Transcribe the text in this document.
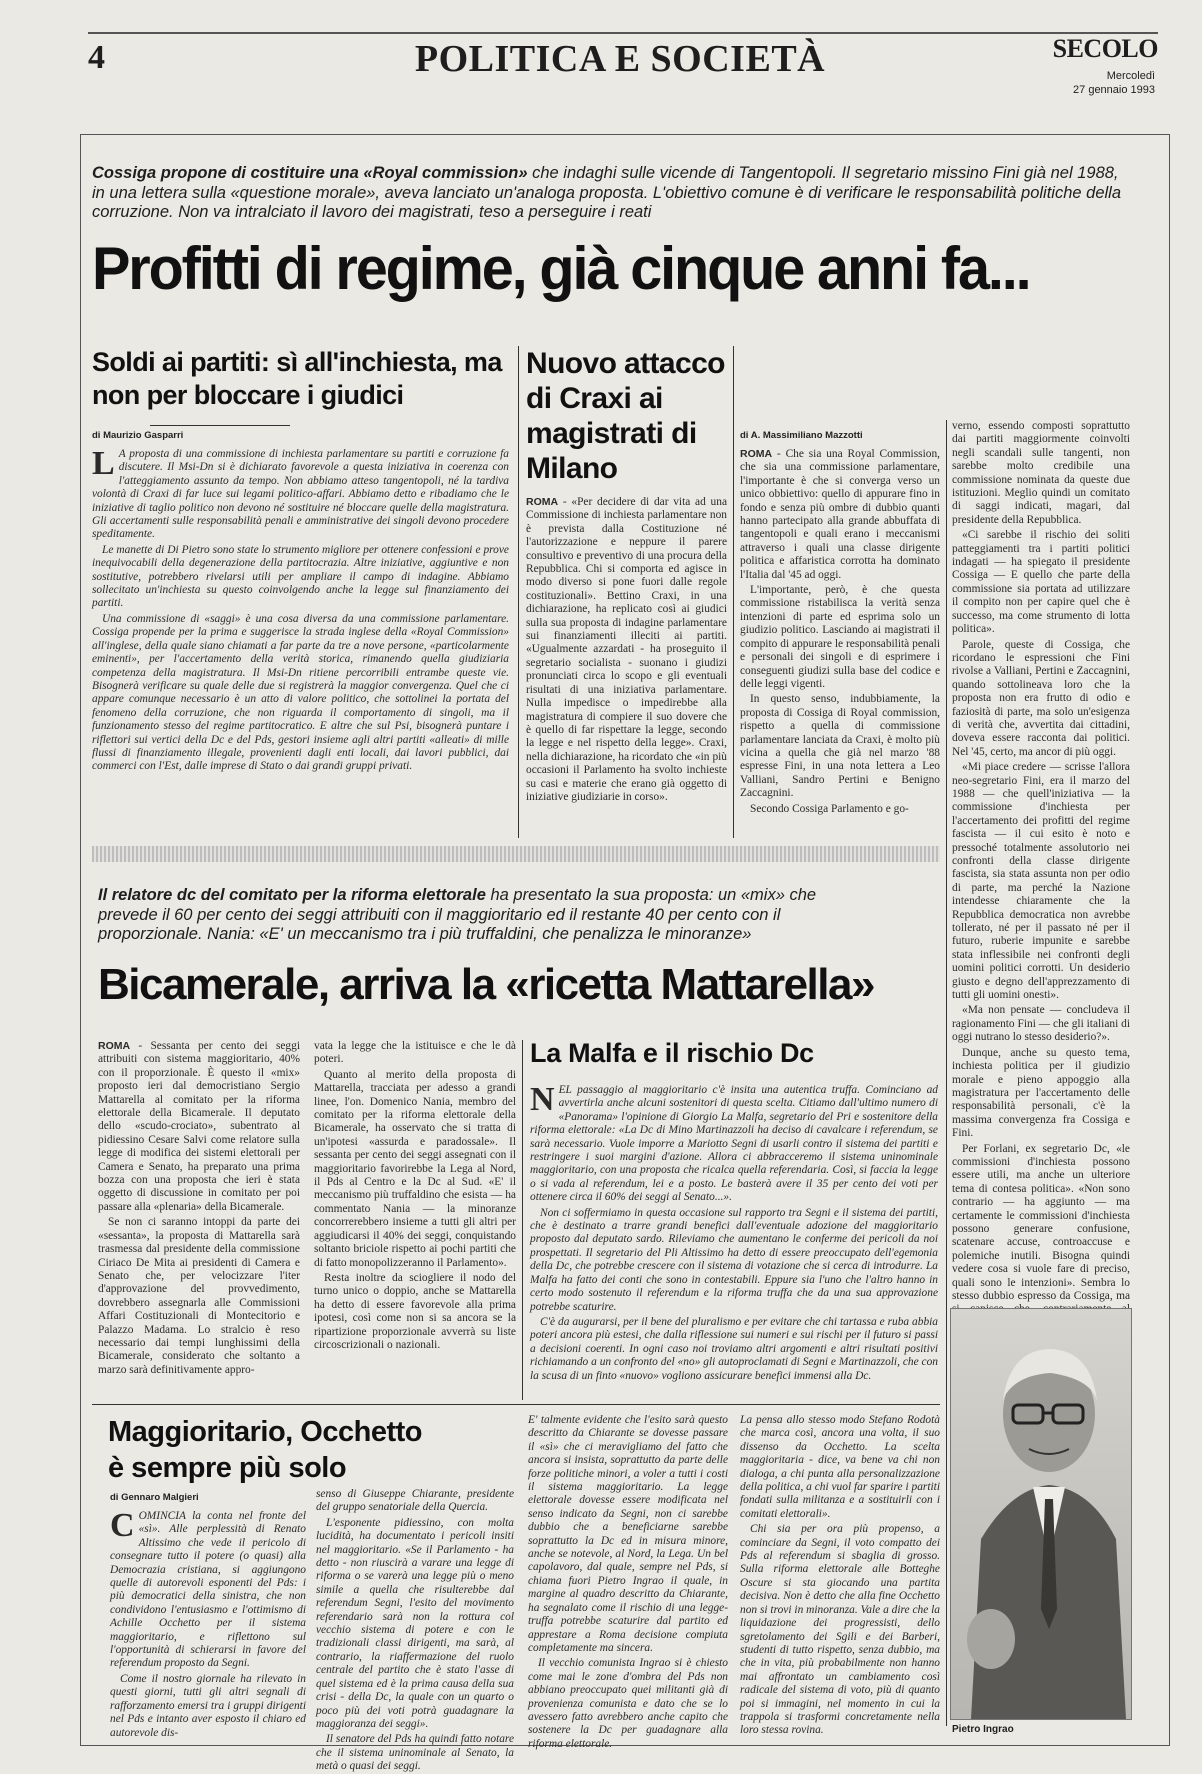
4	POLITICA E SOCIETÀ	SECOLO
Mercoledì
27 gennaio 1993
Cossiga propone di costituire una «Royal commission» che indaghi sulle vicende di Tangentopoli. Il segretario missino Fini già nel 1988, in una lettera sulla «questione morale», aveva lanciato un'analoga proposta. L'obiettivo comune è di verificare le responsabilità politiche della corruzione. Non va intralciato il lavoro dei magistrati, teso a perseguire i reati
Profitti di regime, già cinque anni fa...
Soldi ai partiti: sì all'inchiesta, ma non per bloccare i giudici
di Maurizio Gasparri

L A proposta di una commissione di inchiesta parlamentare su partiti e corruzione fa discutere. Il Msi-Dn si è dichiarato favorevole a questa iniziativa in coerenza con l'atteggiamento assunto da tempo. Non abbiamo atteso tangentopoli, né la tardiva volontà di Craxi di far luce sui legami politico-affari. Abbiamo detto e ribadiamo che le iniziative di taglio politico non devono né sostituire né bloccare quelle della magistratura. Gli accertamenti sulle responsabilità penali e amministrative dei singoli devono procedere speditamente.

Le manette di Di Pietro sono state lo strumento migliore per ottenere confessioni e prove inequivocabili della degenerazione della partitocrazia. Altre iniziative, aggiuntive e non sostitutive, potrebbero rivelarsi utili per ampliare il campo di indagine. Abbiamo sollecitato un'inchiesta su questo coinvolgendo anche la legge sul finanziamento dei partiti.

Una commissione di «saggi» è una cosa diversa da una commissione parlamentare. Cossiga propende per la prima e suggerisce la strada inglese della «Royal Commission» all'inglese, della quale siano chiamati a far parte da tre a nove persone, «particolarmente eminenti», per l'accertamento della verità storica, rimanendo quella giudiziaria competenza della magistratura. Il Msi-Dn ritiene percorribili entrambe queste vie. Bisognerà verificare su quale delle due si registrerà la maggior convergenza. Quel che ci appare comunque necessario è un atto di valore politico, che sottolinei la portata del fenomeno della corruzione, che non riguarda il comportamento di singoli, ma il funzionamento stesso del regime partitocratico. E altre che sul Psi, bisognerà puntare i riflettori sui vertici della Dc e del Pds, gestori insieme agli altri partiti «alleati» di mille flussi di finanziamento illegale, provenienti dagli enti locali, dai lavori pubblici, dai commerci con l'Est, dalle imprese di Stato o dai grandi gruppi privati.

Nuovo attacco di Craxi ai magistrati di Milano

ROMA - «Per decidere di dar vita ad una Commissione di inchiesta parlamentare non è prevista dalla Costituzione né l'autorizzazione e neppure il parere consultivo e preventivo di una procura della Repubblica. Chi si comporta ed agisce in modo diverso si pone fuori dalle regole costituzionali». Bettino Craxi, in una dichiarazione, ha replicato così ai giudici sulla sua proposta di indagine parlamentare sui finanziamenti illeciti ai partiti. «Ugualmente azzardati - ha proseguito il segretario socialista - suonano i giudizi pronunciati circa lo scopo e gli eventuali risultati di una iniziativa parlamentare. Nulla impedisce o impedirebbe alla magistratura di compiere il suo dovere che è quello di far rispettare la legge, secondo la legge e nel rispetto della legge». Craxi, nella dichiarazione, ha ricordato che «in più occasioni il Parlamento ha svolto inchieste su casi e materie che erano già oggetto di iniziative giudiziarie in corso».

di A. Massimiliano Mazzotti

ROMA - Che sia una Royal Commission, che sia una commissione parlamentare, l'importante è che si converga verso un unico obbiettivo: quello di appurare fino in fondo e senza più ombre di dubbio quanti hanno partecipato alla grande abbuffata di tangentopoli e quali erano i meccanismi attraverso i quali una classe dirigente politica e affaristica corrotta ha dominato l'Italia dal '45 ad oggi.

L'importante, però, è che questa commissione ristabilisca la verità senza intenzioni di parte ed esprima solo un giudizio politico. Lasciando ai magistrati il compito di appurare le responsabilità penali e personali dei singoli e di esprimere i conseguenti giudizi sulla base del codice e delle leggi vigenti.

In questo senso, indubbiamente, la proposta di Cossiga di Royal commission, rispetto a quella di commissione parlamentare lanciata da Craxi, è molto più vicina a quella che già nel marzo '88 espresse Fini, in una nota lettera a Leo Valliani, Sandro Pertini e Benigno Zaccagnini.

Secondo Cossiga Parlamento e go-

verno, essendo composti soprattutto dai partiti maggiormente coinvolti negli scandali sulle tangenti, non sarebbe molto credibile una commissione nominata da queste due istituzioni. Meglio quindi un comitato di saggi indicati, magari, dal presidente della Repubblica.

«Ci sarebbe il rischio dei soliti patteggiamenti tra i partiti politici indagati — ha spiegato il presidente Cossiga — E quello che parte della commissione sia portata ad utilizzare il compito non per capire quel che è successo, ma come strumento di lotta politica».

Parole, queste di Cossiga, che ricordano le espressioni che Fini rivolse a Valliani, Pertini e Zaccagnini, quando sottolineava loro che la proposta non era frutto di odio e faziosità di parte, ma solo un'esigenza di verità che, avvertita dai cittadini, doveva essere racconta dai politici. Nel '45, certo, ma ancor di più oggi.

«Mi piace credere — scrisse l'allora neo-segretario Fini, era il marzo del 1988 — che quell'iniziativa — la commissione d'inchiesta per l'accertamento dei profitti del regime fascista — il cui esito è noto e pressoché totalmente assolutorio nei confronti della classe dirigente fascista, sia stata assunta non per odio di parte, ma perché la Nazione intendesse chiaramente che la Repubblica democratica non avrebbe tollerato, né per il passato né per il futuro, ruberie impunite e sarebbe stata inflessibile nei confronti degli uomini politici corrotti. Un desiderio giusto e degno dell'apprezzamento di tutti gli uomini onesti».

«Ma non pensate — concludeva il ragionamento Fini — che gli italiani di oggi nutrano lo stesso desiderio?».

Dunque, anche su questo tema, inchiesta politica per il giudizio morale e pieno appoggio alla magistratura per l'accertamento delle responsabilità personali, c'è la massima convergenza fra Cossiga e Fini.

Per Forlani, ex segretario Dc, «le commissioni d'inchiesta possono essere utili, ma anche un ulteriore tema di contesa politica». «Non sono contrario — ha aggiunto — ma certamente le commissioni d'inchiesta possono generare confusione, scatenare accuse, controaccuse e polemiche inutili. Bisogna quindi vedere cosa si vuole fare di preciso, quali sono le intenzioni». Sembra lo stesso dubbio espresso da Cossiga, ma

Pietro Ingrao
Il relatore dc del comitato per la riforma elettorale ha presentato la sua proposta: un «mix» che prevede il 60 per cento dei seggi attribuiti con il maggioritario ed il restante 40 per cento con il proporzionale. Nania: «E' un meccanismo tra i più truffaldini, che penalizza le minoranze»
Bicamerale, arriva la «ricetta Mattarella»

ROMA - Sessanta per cento dei seggi attribuiti con sistema maggioritario, 40% con il proporzionale. È questo il «mix» proposto ieri dal democristiano Sergio Mattarella al comitato per la riforma elettorale della Bicamerale. Il deputato dello «scudo-crociato», subentrato al pidiessino Cesare Salvi come relatore sulla legge di modifica dei sistemi elettorali per Camera e Senato, ha preparato una prima bozza con una proposta che ieri è stata oggetto di discussione in comitato per poi passare alla «plenaria» della Bicamerale.

Se non ci saranno intoppi da parte dei «sessanta», la proposta di Mattarella sarà trasmessa dal presidente della commissione Ciriaco De Mita ai presidenti di Camera e Senato che, per velocizzare l'iter d'approvazione del provvedimento, dovrebbero assegnarla alle Commissioni Affari Costituzionali di Montecitorio e Palazzo Madama. Lo stralcio è reso necessario dai tempi lunghissimi della Bicamerale, considerato che soltanto a marzo sarà definitivamente appro-

vata la legge che la istituisce e che le dà poteri.

Quanto al merito della proposta di Mattarella, tracciata per adesso a grandi linee, l'on. Domenico Nania, membro del comitato per la riforma elettorale della Bicamerale, ha osservato che si tratta di un'ipotesi «assurda e paradossale». Il sessanta per cento dei seggi assegnati con il maggioritario favorirebbe la Lega al Nord, il Pds al Centro e la Dc al Sud. «E' il meccanismo più truffaldino che esista — ha commentato Nania — la minoranze concorrerebbero insieme a tutti gli altri per aggiudicarsi il 40% dei seggi, conquistando soltanto briciole rispetto ai pochi partiti che di fatto monopolizzeranno il Parlamento».

Resta inoltre da sciogliere il nodo del turno unico o doppio, anche se Mattarella ha detto di essere favorevole alla prima ipotesi, così come non si sa ancora se la ripartizione proporzionale avverrà su liste circoscrizionali o nazionali.

La Malfa e il rischio Dc

NEL passaggio al maggioritario c'è insita una autentica truffa. Cominciano ad avvertirla anche alcuni sostenitori di questa scelta. Citiamo dall'ultimo numero di «Panorama» l'opinione di Giorgio La Malfa, segretario del Pri e sostenitore della riforma elettorale: «La Dc di Mino Martinazzoli ha deciso di cavalcare i referendum, se sarà necessario. Vuole imporre a Mariotto Segni di usarli contro il sistema dei partiti e restringere i suoi margini d'azione. Allora ci abbracceremo il sistema uninominale maggioritario, con una proposta che ricalca quella referendaria. Così, si faccia la legge o si vada al referendum, lei e a posto. Le basterà avere il 35 per cento dei voti per ottenere circa il 60% dei seggi al Senato...».

Non ci soffermiamo in questa occasione sul rapporto tra Segni e il sistema dei partiti, che è destinato a trarre grandi benefici dall'eventuale adozione del maggioritario proposto dal deputato sardo. Rileviamo che aumentano le conferme dei pericoli da noi prospettati. Il segretario del Pli Altissimo ha detto di essere preoccupato dell'egemonia della Dc, che potrebbe crescere con il sistema di votazione che si cerca di introdurre. La Malfa ha fatto dei conti che sono in contestabili. Eppure sia l'uno che l'altro hanno in certo modo sostenuto il referendum e la riforma truffa che da una sua approvazione potrebbe scaturire.

C'è da augurarsi, per il bene del pluralismo e per evitare che chi tartassa e ruba abbia poteri ancora più estesi, che dalla riflessione sui numeri e sui rischi per il futuro si passi a decisioni coerenti. In ogni caso noi troviamo altri argomenti e altri risultati positivi richiamando a un confronto del «no» gli autoproclamati di Segni e Martinazzoli, che con la scusa di un finto «nuovo» vogliono assicurare benefici immensi alla Dc.

Maggioritario, Occhetto è sempre più solo
di Gennaro Malgieri

COMINCIA la conta nel fronte del «sì». Alle perplessità di Renato Altissimo che vede il pericolo di consegnare tutto il potere (o quasi) alla Democrazia cristiana, si aggiungono quelle di autorevoli esponenti del Pds: i più democratici della sinistra, che non condividono l'entusiasmo e l'ottimismo di Achille Occhetto per il sistema maggioritario, e riflettono sul l'opportunità di schierarsi in favore del referendum proposto da Segni.

Come il nostro giornale ha rilevato in questi giorni, tutti gli altri segnali di rafforzamento emersi tra i gruppi dirigenti nel Pds e intanto aver esposto il chiaro ed autorevole dis-

senso di Giuseppe Chiarante, presidente del gruppo senatoriale della Quercia.

L'esponente pidiessino, con molta lucidità, ha documentato i pericoli insiti nel maggioritario. «Se il Parlamento - ha detto - non riuscirà a varare una legge di riforma o se varerà una legge più o meno simile a quella che risulterebbe dal referendum Segni, l'esito del movimento referendario sarà non la rottura col vecchio sistema di potere e con le tradizionali classi dirigenti, ma sarà, al contrario, la riaffermazione del ruolo centrale del partito che è stato l'asse di quel sistema ed è la prima causa della sua crisi - della Dc, la quale con un quarto o poco più dei voti potrà guadagnare la maggioranza dei seggi».

Il senatore del Pds ha quindi fatto notare che il sistema uninominale al Senato, la metà o quasi dei seggi.

E' talmente evidente che l'esito sarà questo descritto da Chiarante se dovesse passare il «sì» che ci meravigliamo del fatto che ancora si insista, soprattutto da parte delle forze politiche minori, a voler a tutti i costi il sistema maggioritario. La legge elettorale dovesse essere modificata nel senso indicato da Segni, non ci sarebbe dubbio che a beneficiarne sarebbe soprattutto la Dc ed in misura minore, anche se notevole, al Nord, la Lega. Un bel capolavoro, dal quale, sempre nel Pds, si chiama fuori Pietro Ingrao il quale, in margine al quadro descritto da Chiarante, ha segnalato come il rischio di una legge-truffa potrebbe scaturire dal partito ed apprestare a Roma decisione compiuta completamente ma sincera.

Il vecchio comunista Ingrao si è chiesto come mai le zone d'ombra del Pds non abbiano preoccupato quei militanti già di provenienza comunista e dato che se lo avessero fatto avrebbero anche capito che sostenere la Dc per guadagnare alla riforma elettorale.

La pensa allo stesso modo Stefano Rodotà che marca così, ancora una volta, il suo dissenso da Occhetto. La scelta maggioritaria - dice, va bene va chi non dialoga, a chi punta alla personalizzazione della politica, a chi vuol far sparire i partiti fondati sulla militanza e a sostituirli con i comitati elettorali».

Chi sia per ora più propenso, a cominciare da Segni, il voto compatto dei Pds al referendum si sbaglia di grosso. Sulla riforma elettorale alle Botteghe Oscure si sta giocando una partita decisiva. Non è detto che alla fine Occhetto non si trovi in minoranza. Vale a dire che la liquidazione dei progressisti, dello sgretolamento dei Sgili e dei Barberi, studenti di tutto rispetto, senza dubbio, ma che in vita, più probabilmente non hanno mai affrontato un cambiamento così radicale del sistema di voto, più di quanto poi si immagini, nel momento in cui la trappola si trasformi concretamente nella loro stessa rovina.
